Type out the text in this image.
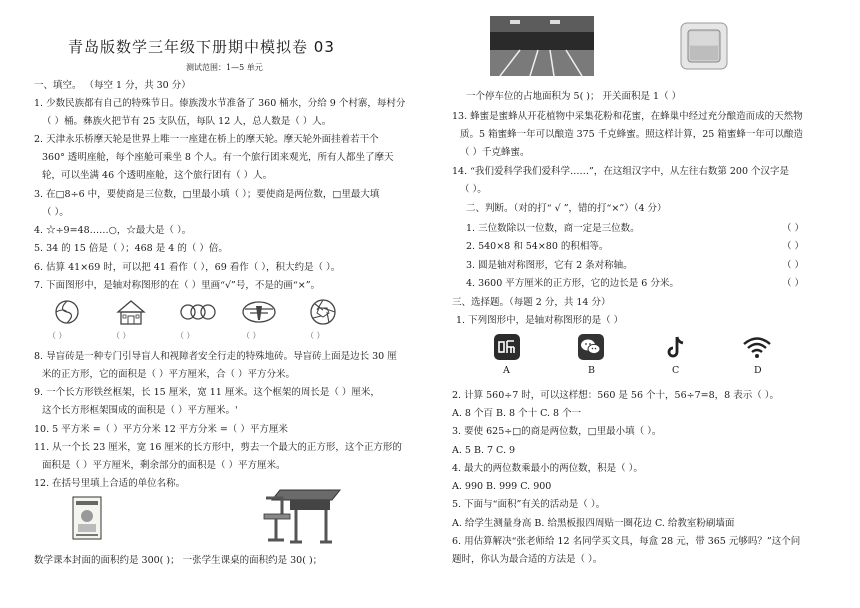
青岛版数学三年级下册期中模拟卷 03
测试范围：1—5 单元
一、填空。 （每空 1 分，共 30 分）
1. 少数民族都有自己的特殊节日。傣族泼水节准备了 360 桶水，分给 9 个村寨，每村分
（ ）桶。彝族火把节有 25 支队伍，每队 12 人，总人数是（ ）人。
2. 天津永乐桥摩天轮是世界上唯一一座建在桥上的摩天轮。摩天轮外面挂着若干个
360° 透明座舱，每个座舱可乘坐 8 个人。有一个旅行团来观光，所有人都坐了摩天
轮，可以坐满 46 个透明座舱，这个旅行团有（ ）人。
3. 在□8÷6 中，要使商是三位数，□里最小填（ ）；要使商是两位数，□里最大填
（ ）。
4. ☆÷9=48……○，☆最大是（ ）。
5. 34 的 15 倍是（ ）；468 是 4 的（ ）倍。
6. 估算 41×69 时，可以把 41 看作（ ），69 看作（ ），积大约是（ ）。
7. 下面图形中，是轴对称图形的在（ ）里画“√”号，不是的画“×”。
（ ）	（ ）	（ ）	（ ）	（ ）
8. 导盲砖是一种专门引导盲人和视障者安全行走的特殊地砖。导盲砖上面是边长 30 厘
米的正方形，它的面积是（ ）平方厘米，合（ ）平方分米。
9. 一个长方形铁丝框架，长 15 厘米，宽 11 厘米。这个框架的周长是（ ）厘米，
这个长方形框架围成的面积是（ ）平方厘米。'
10. 5 平方米 =（ ）平方分米 12 平方分米 =（ ）平方厘米
11. 从一个长 23 厘米，宽 16 厘米的长方形中，剪去一个最大的正方形，这个正方形的
面积是（ ）平方厘米，剩余部分的面积是（ ）平方厘米。
12. 在括号里填上合适的单位名称。
数学课本封面的面积约是 300( )； 一张学生课桌的面积约是 30( )；
一个停车位的占地面积为 5( )； 开关面积是 1（ ）
13. 蜂蜜是蜜蜂从开花植物中采集花粉和花蜜，在蜂巢中经过充分酿造而成的天然物
质。5 箱蜜蜂一年可以酿造 375 千克蜂蜜。照这样计算，25 箱蜜蜂一年可以酿造
（ ）千克蜂蜜。
14. “我们爱科学我们爱科学……”，在这组汉字中，从左往右数第 200 个汉字是
（ ）。
二、判断。（对的打“ √ ”，错的打“×”）（4 分）
1. 三位数除以一位数，商一定是三位数。	（ ）
2. 540×8 和 54×80 的积相等。	（ ）
3. 圆是轴对称图形，它有 2 条对称轴。	（ ）
4. 3600 平方厘米的正方形，它的边长是 6 分米。	（ ）
三、选择题。（每题 2 分，共 14 分）
1. 下列图形中，是轴对称图形的是（ ）
A	B	C	D
2. 计算 560÷7 时，可以这样想：560 是 56 个十，56÷7=8，8 表示（ ）。
A. 8 个百 B. 8 个十 C. 8 个一
3. 要使 625÷□的商是两位数，□里最小填（ ）。
A. 5 B. 7 C. 9
4. 最大的两位数乘最小的两位数，积是（ ）。
A. 990 B. 999 C. 900
5. 下面与“面积”有关的活动是（ ）。
A. 给学生测量身高 B. 给黑板报四周贴一圈花边 C. 给教室粉刷墙面
6. 用估算解决“张老师给 12 名同学买文具，每盒 28 元，带 365 元够吗？”这个问
题时，你认为最合适的方法是（ ）。
